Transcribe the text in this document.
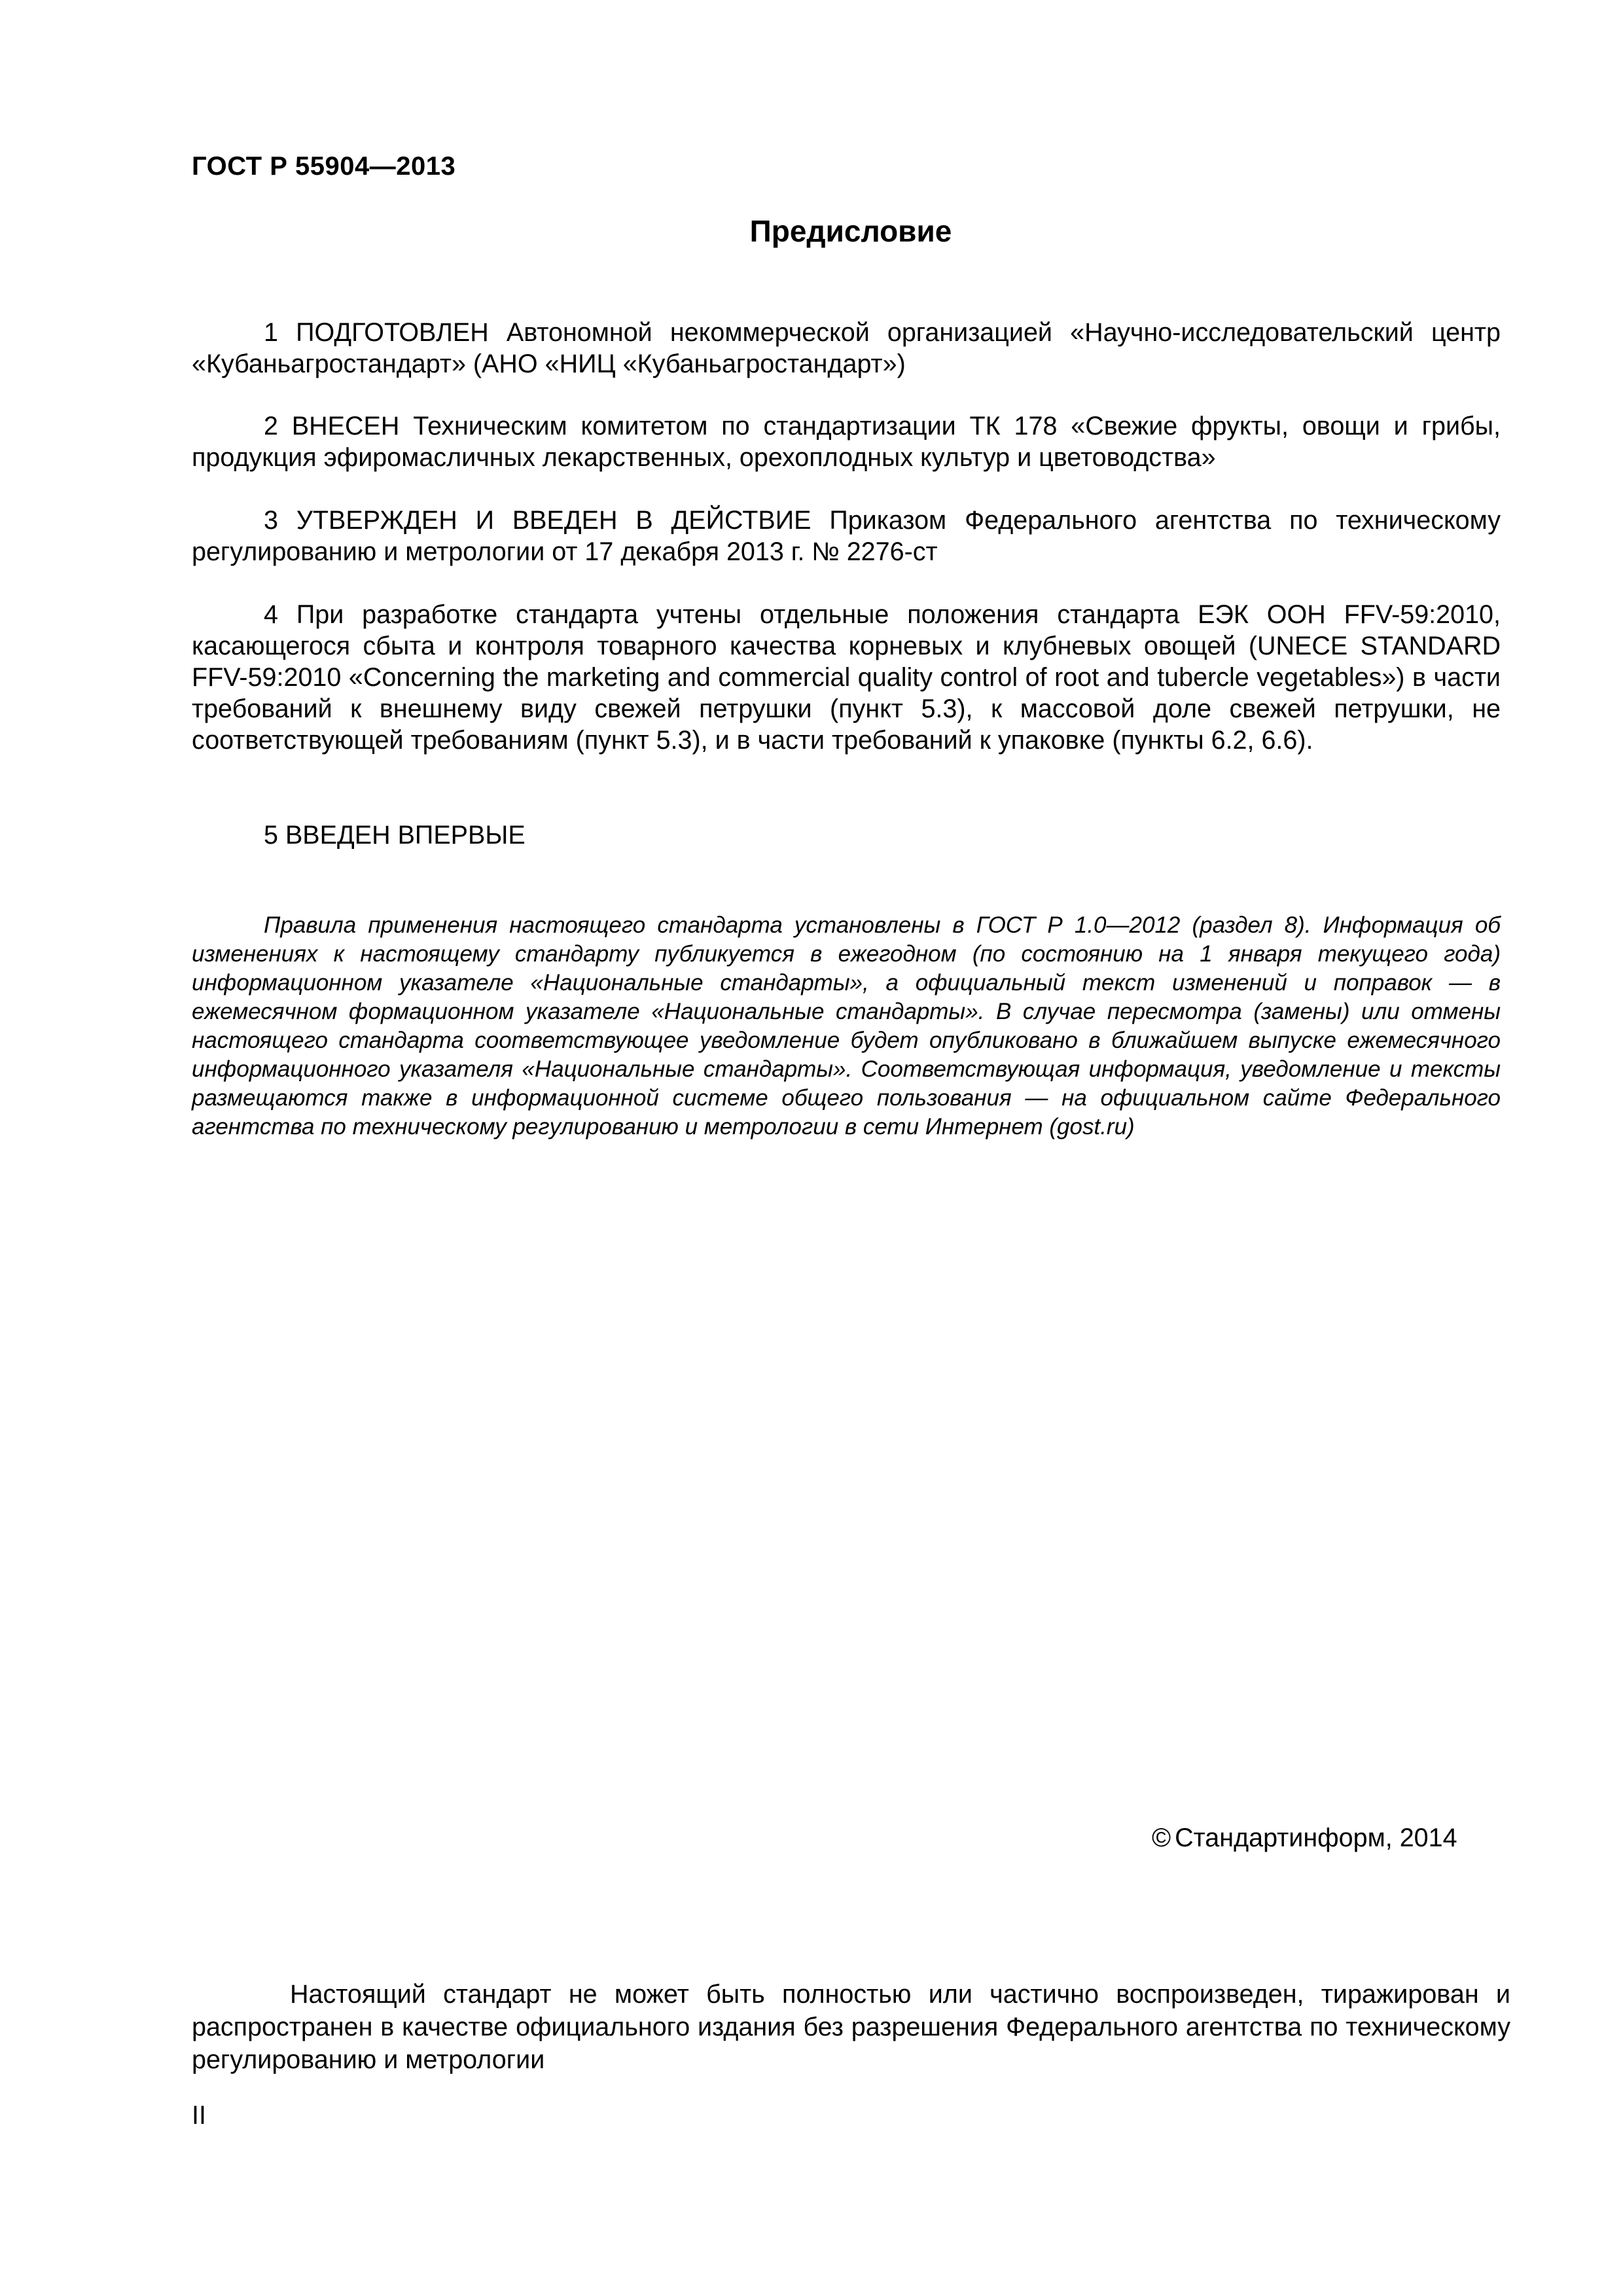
ГОСТ Р 55904—2013
Предисловие

1 ПОДГОТОВЛЕН Автономной некоммерческой организацией «Научно-исследовательский центр «Кубаньагростандарт» (АНО «НИЦ «Кубаньагростандарт»)

2 ВНЕСЕН Техническим комитетом по стандартизации ТК 178 «Свежие фрукты, овощи и грибы, продукция эфиромасличных лекарственных, орехоплодных культур и цветоводства»

3 УТВЕРЖДЕН И ВВЕДЕН В ДЕЙСТВИЕ Приказом Федерального агентства по техническому регулированию и метрологии от 17 декабря 2013 г. № 2276-ст

4 При разработке стандарта учтены отдельные положения стандарта ЕЭК ООН FFV-59:2010, касающегося сбыта и контроля товарного качества корневых и клубневых овощей (UNECE STANDARD FFV-59:2010 «Concerning the marketing and commercial quality control of root and tubercle vegetables») в части требований к внешнему виду свежей петрушки (пункт 5.3), к массовой доле свежей петрушки, не соответствующей требованиям (пункт 5.3), и в части требований к упаковке (пункты 6.2, 6.6).

5 ВВЕДЕН ВПЕРВЫЕ

Правила применения настоящего стандарта установлены в ГОСТ Р 1.0—2012 (раздел 8). Информация об изменениях к настоящему стандарту публикуется в ежегодном (по состоянию на 1 января текущего года) информационном указателе «Национальные стандарты», а официальный текст изменений и поправок — в ежемесячном формационном указателе «Национальные стандарты». В случае пересмотра (замены) или отмены настоящего стандарта соответствующее уведомление будет опубликовано в ближайшем выпуске ежемесячного информационного указателя «Национальные стандарты». Соответствующая информация, уведомление и тексты размещаются также в информационной системе общего пользования — на официальном сайте Федерального агентства по техническому регулированию и метрологии в сети Интернет (gost.ru)

© Стандартинформ, 2014

Настоящий стандарт не может быть полностью или частично воспроизведен, тиражирован и распространен в качестве официального издания без разрешения Федерального агентства по техническому регулированию и метрологии

II
